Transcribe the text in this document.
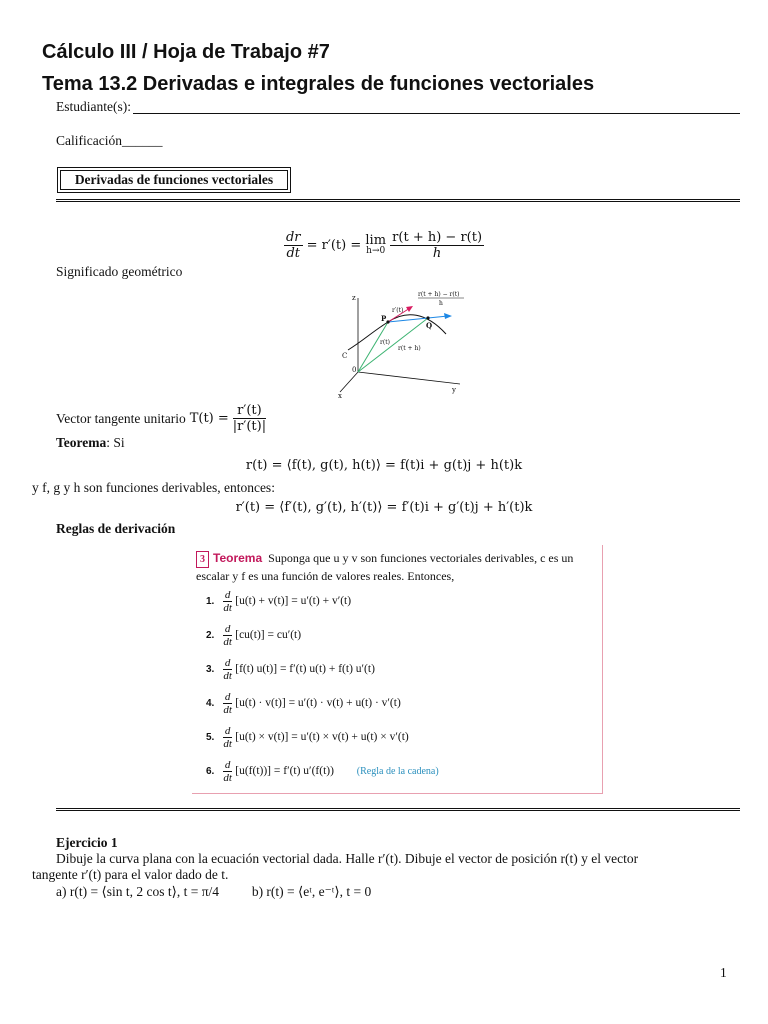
Cálculo III / Hoja de Trabajo #7
Tema 13.2 Derivadas e integrales de funciones vectoriales
Estudiante(s):
Calificación______
Derivadas de funciones vectoriales
$\frac{dr}{dt} = r'(t) = \lim$
h→0
$\frac{r(t + h) - r(t)}{h}$
Significado geométrico
z
y
x
0
C
P
Q
r′(t)
r(t)
r(t + h)
r(t + h) − r(t)
h
Vector tangente unitario $T(t) = \frac{r'(t)}{|r'(t)|}$
Teorema: Si
r(t) = ⟨f(t), g(t), h(t)⟩ = f(t)i + g(t)j + h(t)k
y f, g y h son funciones derivables, entonces:
r′(t) = ⟨f′(t), g′(t), h′(t)⟩ = f′(t)i + g′(t)j + h′(t)k
Reglas de derivación
3 Teorema Suponga que u y v son funciones vectoriales derivables, c es un
escalar y f es una función de valores reales. Entonces,
1. $\frac{d}{dt} [u(t) + v(t)] = u'(t) + v'(t)$
2. $\frac{d}{dt} [cu(t)] = cu'(t)$
3. $\frac{d}{dt} [f(t) u(t)] = f'(t) u(t) + f(t)$ u′(t)
4. $\frac{d}{dt} [u(t) \cdot v(t)] = u'(t) \cdot v(t) + u(t) \cdot v'(t)$
5. $\frac{d}{dt} [u(t) \times v(t)] = u'(t) \times v(t) + u(t) \times v'(t)$
6. $\frac{d}{dt} [u(f(t))] = f'(t)$ u′(f(t)) (Regla de la cadena)
Ejercicio 1
Dibuje la curva plana con la ecuación vectorial dada. Halle r′(t). Dibuje el vector de posición r(t) y el vector
tangente r′(t) para el valor dado de t.
a) r(t) = ⟨sin t, 2 cos t⟩, t = π/4 b) r(t) = ⟨eᵗ, e⁻ᵗ⟩, t = 0
1
